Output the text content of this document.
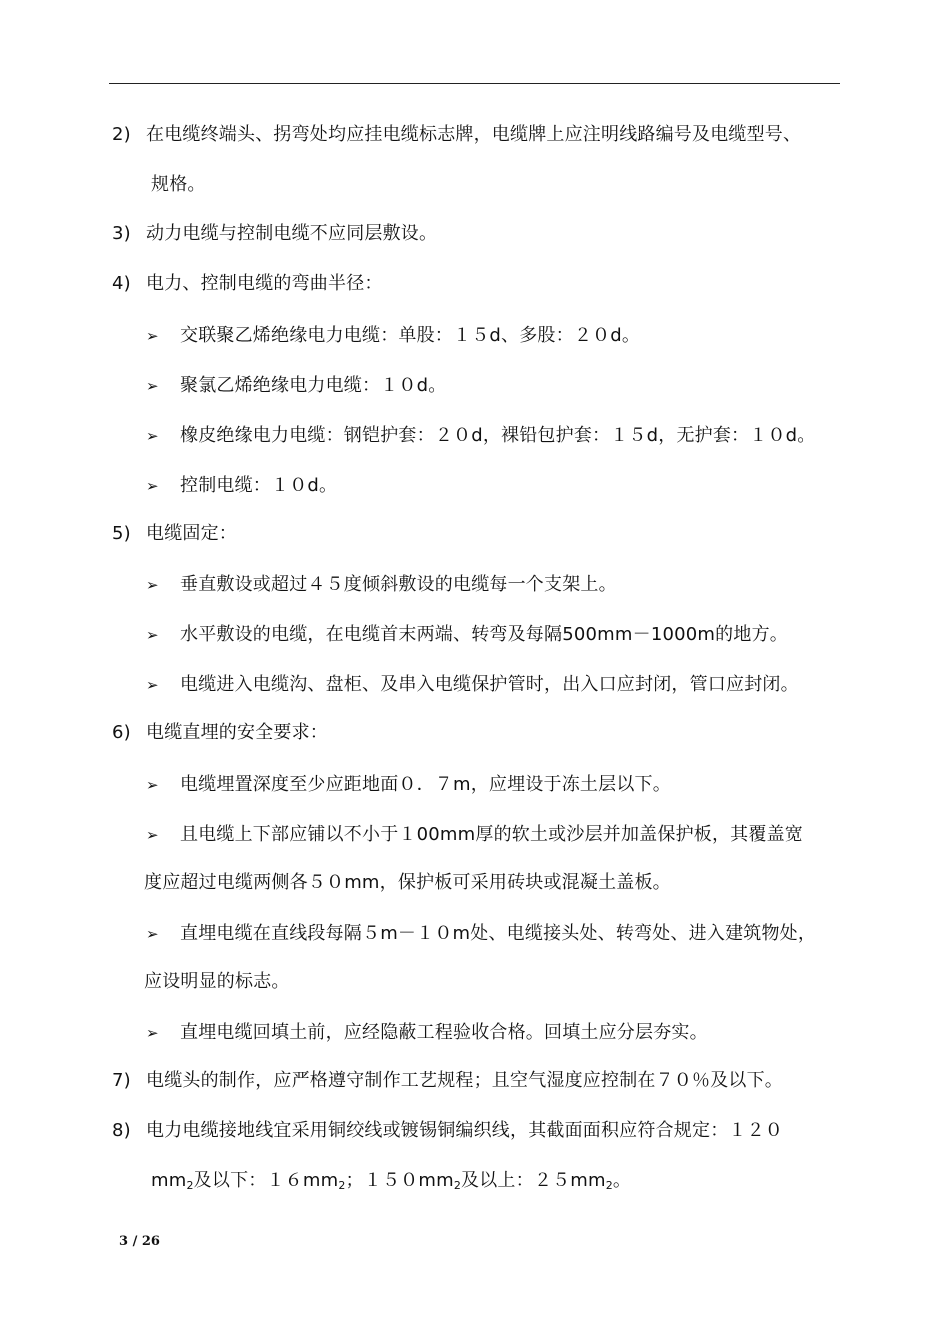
2) 在电缆终端头、拐弯处均应挂电缆标志牌，电缆牌上应注明线路编号及电缆型号、
规格。
3) 动力电缆与控制电缆不应同层敷设。
4) 电力、控制电缆的弯曲半径：
➢ 交联聚乙烯绝缘电力电缆：单股：１５d、多股：２０d。
➢ 聚氯乙烯绝缘电力电缆：１０d。
➢ 橡皮绝缘电力电缆：钢铠护套：２０d，裸铅包护套：１５d，无护套：１０d。
➢ 控制电缆：１０d。
5) 电缆固定：
➢ 垂直敷设或超过４５度倾斜敷设的电缆每一个支架上。
➢ 水平敷设的电缆，在电缆首末两端、转弯及每隔500mm－1000m的地方。
➢ 电缆进入电缆沟、盘柜、及串入电缆保护管时，出入口应封闭，管口应封闭。
6) 电缆直埋的安全要求：
➢ 电缆埋置深度至少应距地面０．７m，应埋设于冻土层以下。
➢ 且电缆上下部应铺以不小于１00mm厚的软土或沙层并加盖保护板，其覆盖宽
度应超过电缆两侧各５０mm，保护板可采用砖块或混凝土盖板。
➢ 直埋电缆在直线段每隔５m－１０m处、电缆接头处、转弯处、进入建筑物处，
应设明显的标志。
➢ 直埋电缆回填土前，应经隐蔽工程验收合格。回填土应分层夯实。
7) 电缆头的制作，应严格遵守制作工艺规程；且空气湿度应控制在７０％及以下。
8) 电力电缆接地线宜采用铜绞线或镀锡铜编织线，其截面面积应符合规定：１２０
$mm_2$及以下：$16mm_2$；$150mm_2$及以上：$25mm_2$。
3 / 26
